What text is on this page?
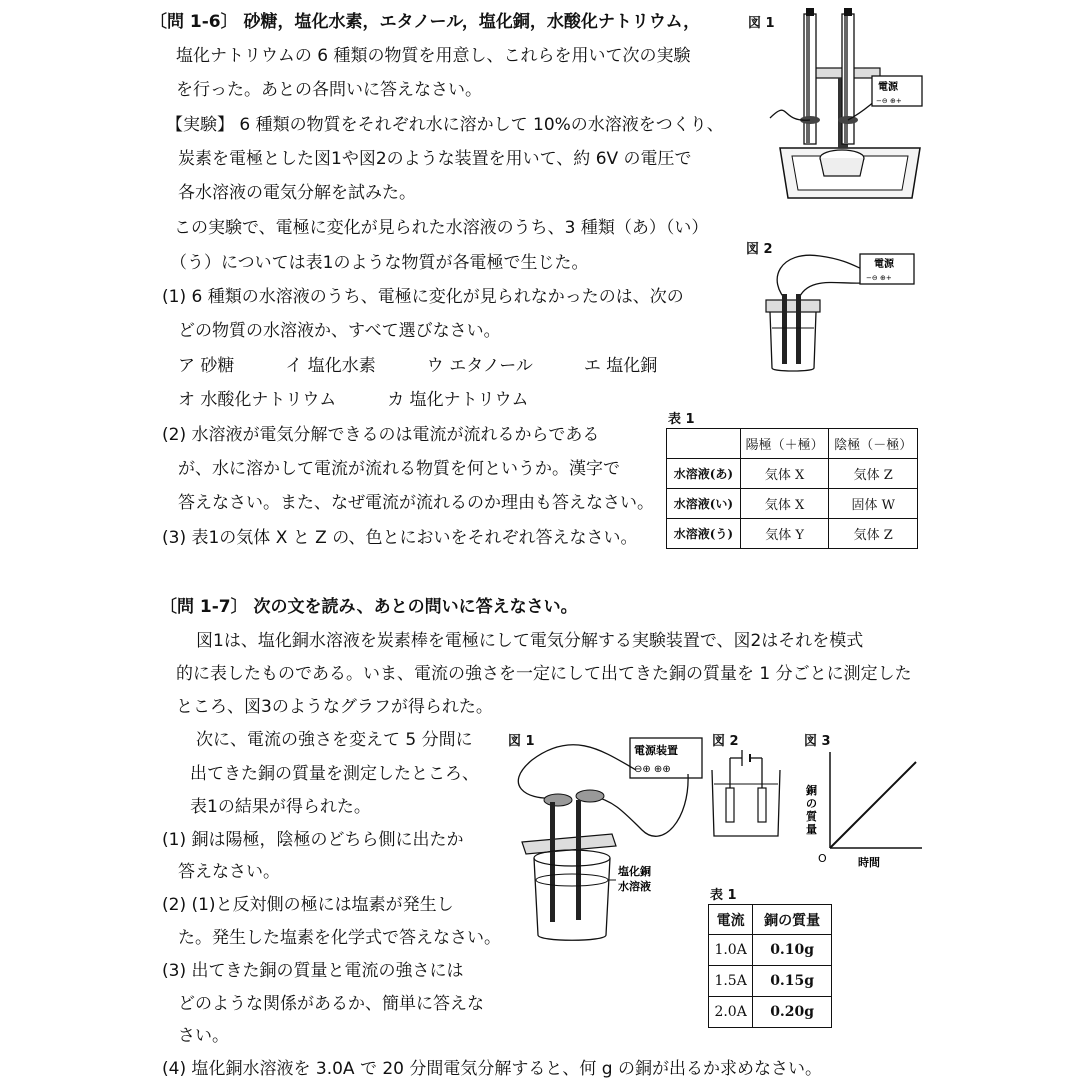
〔問 1-6〕 砂糖，塩化水素，エタノール，塩化銅，水酸化ナトリウム，
塩化ナトリウムの 6 種類の物質を用意し、これらを用いて次の実験
を行った。あとの各問いに答えなさい。
【実験】 6 種類の物質をそれぞれ水に溶かして 10%の水溶液をつくり、
炭素を電極とした図1や図2のような装置を用いて、約 6V の電圧で
各水溶液の電気分解を試みた。
この実験で、電極に変化が見られた水溶液のうち、3 種類（あ）（い）
（う）については表1のような物質が各電極で生じた。
(1) 6 種類の水溶液のうち、電極に変化が見られなかったのは、次の
どの物質の水溶液か、すべて選びなさい。
ア 砂糖　　　イ 塩化水素　　　ウ エタノール　　　エ 塩化銅
オ 水酸化ナトリウム　　　カ 塩化ナトリウム
(2) 水溶液が電気分解できるのは電流が流れるからである
が、水に溶かして電流が流れる物質を何というか。漢字で
答えなさい。また、なぜ電流が流れるのか理由も答えなさい。
(3) 表1の気体 X と Z の、色とにおいをそれぞれ答えなさい。
図 1
電源
−⊖ ⊕+
図 2
電源
−⊖ ⊕+
表 1
	陽極（＋極）	陰極（－極）
水溶液(あ)	気体 X	気体 Z
水溶液(い)	気体 X	固体 W
水溶液(う)	気体 Y	気体 Z
〔問 1-7〕 次の文を読み、あとの問いに答えなさい。
図1は、塩化銅水溶液を炭素棒を電極にして電気分解する実験装置で、図2はそれを模式
的に表したものである。いま、電流の強さを一定にして出てきた銅の質量を 1 分ごとに測定した
ところ、図3のようなグラフが得られた。
次に、電流の強さを変えて 5 分間に
出てきた銅の質量を測定したところ、
表1の結果が得られた。
(1) 銅は陽極，陰極のどちら側に出たか
答えなさい。
(2) (1)と反対側の極には塩素が発生し
た。発生した塩素を化学式で答えなさい。
(3) 出てきた銅の質量と電流の強さには
どのような関係があるか、簡単に答えな
さい。
(4) 塩化銅水溶液を 3.0A で 20 分間電気分解すると、何 g の銅が出るか求めなさい。
図 1
電源装置
⊖⊕ ⊕⊕
塩化銅
水溶液
図 2	図 3
銅
の
質
量
O	時間
表 1
電流	銅の質量
1.0A	0.10g
1.5A	0.15g
2.0A	0.20g
